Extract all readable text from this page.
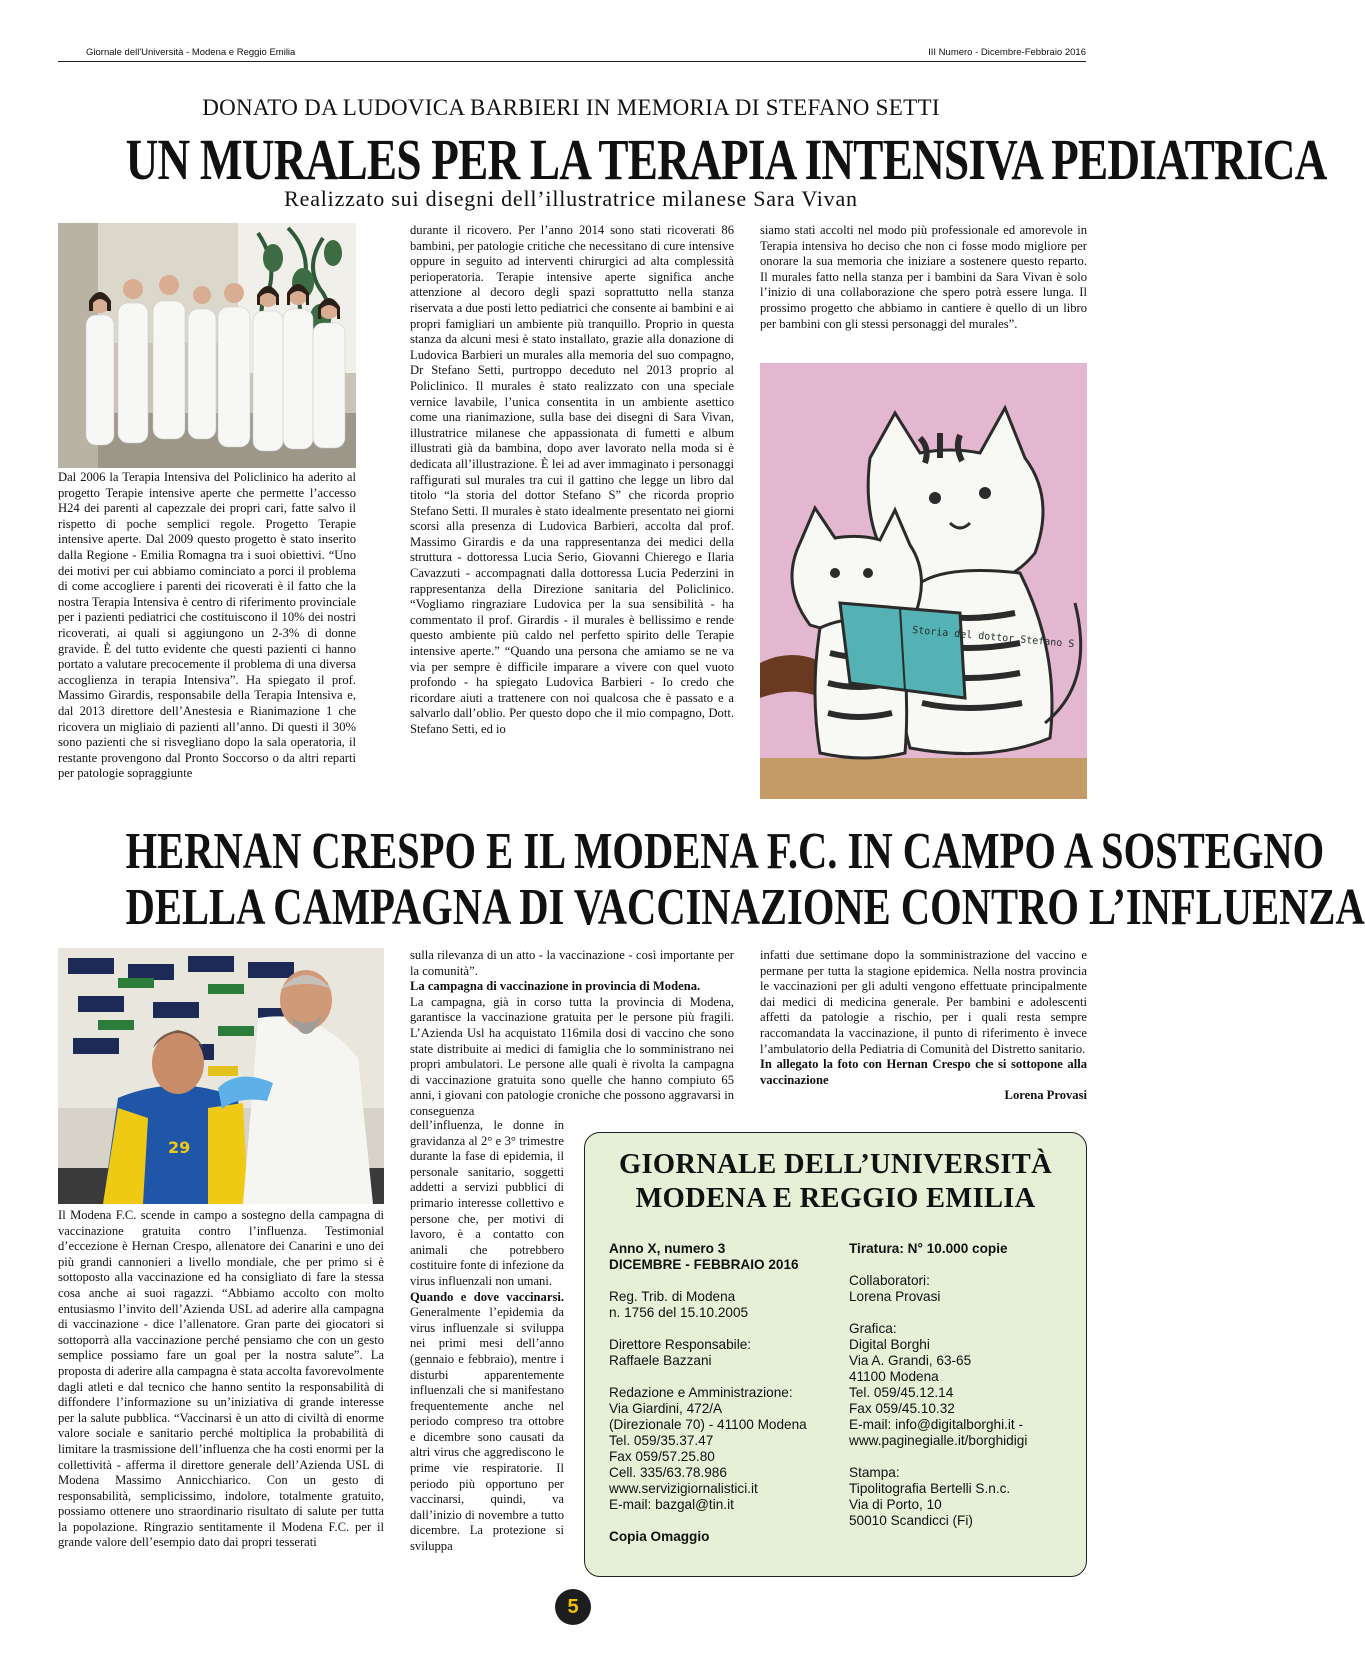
Giornale dell'Università - Modena e Reggio Emilia	III Numero - Dicembre-Febbraio 2016
DONATO DA LUDOVICA BARBIERI IN MEMORIA DI STEFANO SETTI
UN MURALES PER LA TERAPIA INTENSIVA PEDIATRICA
Realizzato sui disegni dell’illustratrice milanese Sara Vivan

Dal 2006 la Terapia Intensiva del Policlinico ha aderito al progetto Terapie intensive aperte che permette l’accesso H24 dei parenti al capezzale dei propri cari, fatte salvo il rispetto di poche semplici regole. Progetto Terapie intensive aperte. Dal 2009 questo progetto è stato inserito dalla Regione - Emilia Romagna tra i suoi obiettivi. “Uno dei motivi per cui abbiamo cominciato a porci il problema di come accogliere i parenti dei ricoverati è il fatto che la nostra Terapia Intensiva è centro di riferimento provinciale per i pazienti pediatrici che costituiscono il 10% dei nostri ricoverati, ai quali si aggiungono un 2-3% di donne gravide. È del tutto evidente che questi pazienti ci hanno portato a valutare precocemente il problema di una diversa accoglienza in terapia Intensiva”. Ha spiegato il prof. Massimo Girardis, responsabile della Terapia Intensiva e, dal 2013 direttore dell’Anestesia e Rianimazione 1 che ricovera un migliaio di pazienti all’anno. Di questi il 30% sono pazienti che si risvegliano dopo la sala operatoria, il restante provengono dal Pronto Soccorso o da altri reparti per patologie sopraggiunte

durante il ricovero. Per l’anno 2014 sono stati ricoverati 86 bambini, per patologie critiche che necessitano di cure intensive oppure in seguito ad interventi chirurgici ad alta complessità perioperatoria. Terapie intensive aperte significa anche attenzione al decoro degli spazi soprattutto nella stanza riservata a due posti letto pediatrici che consente ai bambini e ai propri famigliari un ambiente più tranquillo. Proprio in questa stanza da alcuni mesi è stato installato, grazie alla donazione di Ludovica Barbieri un murales alla memoria del suo compagno, Dr Stefano Setti, purtroppo deceduto nel 2013 proprio al Policlinico. Il murales è stato realizzato con una speciale vernice lavabile, l’unica consentita in un ambiente asettico come una rianimazione, sulla base dei disegni di Sara Vivan, illustratrice milanese che appassionata di fumetti e album illustrati già da bambina, dopo aver lavorato nella moda si è dedicata all’illustrazione. È lei ad aver immaginato i personaggi raffigurati sul murales tra cui il gattino che legge un libro dal titolo “la storia del dottor Stefano S” che ricorda proprio Stefano Setti. Il murales è stato idealmente presentato nei giorni scorsi alla presenza di Ludovica Barbieri, accolta dal prof. Massimo Girardis e da una rappresentanza dei medici della struttura - dottoressa Lucia Serio, Giovanni Chierego e Ilaria Cavazzuti - accompagnati dalla dottoressa Lucia Pederzini in rappresentanza della Direzione sanitaria del Policlinico. “Vogliamo ringraziare Ludovica per la sua sensibilità - ha commentato il prof. Girardis - il murales è bellissimo e rende questo ambiente più caldo nel perfetto spirito delle Terapie intensive aperte.” “Quando una persona che amiamo se ne va via per sempre è difficile imparare a vivere con quel vuoto profondo - ha spiegato Ludovica Barbieri - Io credo che ricordare aiuti a trattenere con noi qualcosa che è passato e a salvarlo dall’oblio. Per questo dopo che il mio compagno, Dott. Stefano Setti, ed io

siamo stati accolti nel modo più professionale ed amorevole in Terapia intensiva ho deciso che non ci fosse modo migliore per onorare la sua memoria che iniziare a sostenere questo reparto. Il murales fatto nella stanza per i bambini da Sara Vivan è solo l’inizio di una collaborazione che spero potrà essere lunga. Il prossimo progetto che abbiamo in cantiere è quello di un libro per bambini con gli stessi personaggi del murales”.

Storia del dottor Stefano S
HERNAN CRESPO E IL MODENA F.C. IN CAMPO A SOSTEGNO
DELLA CAMPAGNA DI VACCINAZIONE CONTRO L’INFLUENZA
29

Il Modena F.C. scende in campo a sostegno della campagna di vaccinazione gratuita contro l’influenza. Testimonial d’eccezione è Hernan Crespo, allenatore dei Canarini e uno dei più grandi cannonieri a livello mondiale, che per primo si è sottoposto alla vaccinazione ed ha consigliato di fare la stessa cosa anche ai suoi ragazzi. “Abbiamo accolto con molto entusiasmo l’invito dell’Azienda USL ad aderire alla campagna di vaccinazione - dice l’allenatore. Gran parte dei giocatori si sottoporrà alla vaccinazione perché pensiamo che con un gesto semplice possiamo fare un goal per la nostra salute”. La proposta di aderire alla campagna è stata accolta favorevolmente dagli atleti e dal tecnico che hanno sentito la responsabilità di diffondere l’informazione su un’iniziativa di grande interesse per la salute pubblica. “Vaccinarsi è un atto di civiltà di enorme valore sociale e sanitario perché moltiplica la probabilità di limitare la trasmissione dell’influenza che ha costi enormi per la collettività - afferma il direttore generale dell’Azienda USL di Modena Massimo Annicchiarico. Con un gesto di responsabilità, semplicissimo, indolore, totalmente gratuito, possiamo ottenere uno straordinario risultato di salute per tutta la popolazione. Ringrazio sentitamente il Modena F.C. per il grande valore dell’esempio dato dai propri tesserati

sulla rilevanza di un atto - la vaccinazione - così importante per la comunità”.

La campagna di vaccinazione in provincia di Modena.

La campagna, già in corso tutta la provincia di Modena, garantisce la vaccinazione gratuita per le persone più fragili. L’Azienda Usl ha acquistato 116mila dosi di vaccino che sono state distribuite ai medici di famiglia che lo somministrano nei propri ambulatori. Le persone alle quali è rivolta la campagna di vaccinazione gratuita sono quelle che hanno compiuto 65 anni, i giovani con patologie croniche che possono aggravarsi in conseguenza

dell’influenza, le donne in gravidanza al 2° e 3° trimestre durante la fase di epidemia, il personale sanitario, soggetti addetti a servizi pubblici di primario interesse collettivo e persone che, per motivi di lavoro, è a contatto con animali che potrebbero costituire fonte di infezione da virus influenzali non umani.

Quando e dove vaccinarsi. Generalmente l’epidemia da virus influenzale si sviluppa nei primi mesi dell’anno (gennaio e febbraio), mentre i disturbi apparentemente influenzali che si manifestano frequentemente anche nel periodo compreso tra ottobre e dicembre sono causati da altri virus che aggrediscono le prime vie respiratorie. Il periodo più opportuno per vaccinarsi, quindi, va dall’inizio di novembre a tutto dicembre. La protezione si sviluppa

infatti due settimane dopo la somministrazione del vaccino e permane per tutta la stagione epidemica. Nella nostra provincia le vaccinazioni per gli adulti vengono effettuate principalmente dai medici di medicina generale. Per bambini e adolescenti affetti da patologie a rischio, per i quali resta sempre raccomandata la vaccinazione, il punto di riferimento è invece l’ambulatorio della Pediatria di Comunità del Distretto sanitario.

In allegato la foto con Hernan Crespo che si sottopone alla vaccinazione

Lorena Provasi

GIORNALE DELL’UNIVERSITÀ
MODENA E REGGIO EMILIA
Anno X, numero 3
DICEMBRE - FEBBRAIO 2016
Reg. Trib. di Modena
n. 1756 del 15.10.2005
Direttore Responsabile:
Raffaele Bazzani
Redazione e Amministrazione:
Via Giardini, 472/A
(Direzionale 70) - 41100 Modena
Tel. 059/35.37.47
Fax 059/57.25.80
Cell. 335/63.78.986
www.servizigiornalistici.it
E-mail: bazgal@tin.it
Copia Omaggio
Tiratura: N° 10.000 copie
Collaboratori:
Lorena Provasi
Grafica:
Digital Borghi
Via A. Grandi, 63-65
41100 Modena
Tel. 059/45.12.14
Fax 059/45.10.32
E-mail: info@digitalborghi.it -
www.paginegialle.it/borghidigi
Stampa:
Tipolitografia Bertelli S.n.c.
Via di Porto, 10
50010 Scandicci (Fi)
5
